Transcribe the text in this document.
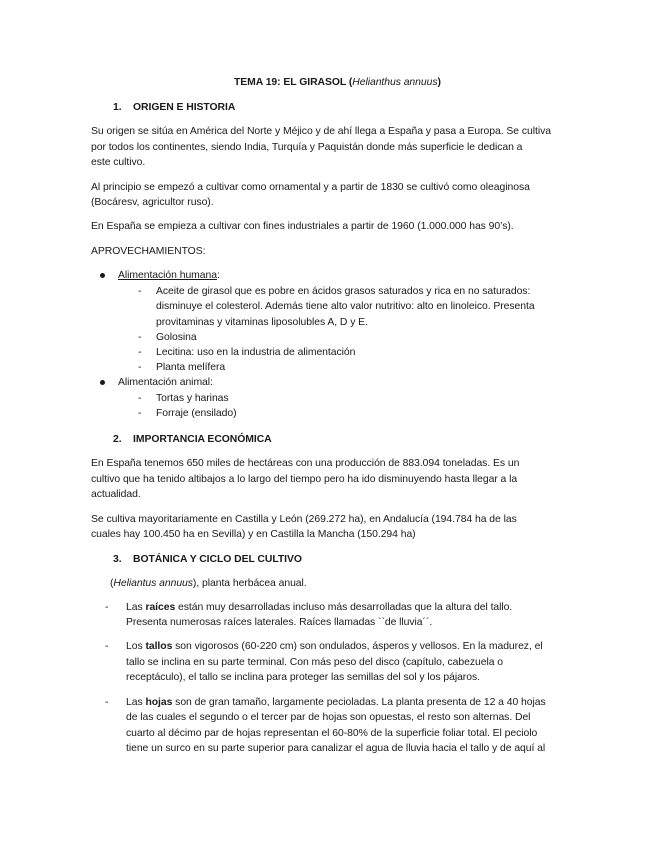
TEMA 19: EL GIRASOL (Helianthus annuus)
1. ORIGEN E HISTORIA
Su origen se sitúa en América del Norte y Méjico y de ahí llega a España y pasa a Europa. Se cultiva
por todos los continentes, siendo India, Turquía y Paquistán donde más superficie le dedican a
este cultivo.
Al principio se empezó a cultivar como ornamental y a partir de 1830 se cultivó como oleaginosa
(Bocáresv, agricultor ruso).
En España se empieza a cultivar con fines industriales a partir de 1960 (1.000.000 has 90’s).
APROVECHAMIENTOS:
Alimentación humana:
- Aceite de girasol que es pobre en ácidos grasos saturados y rica en no saturados:
disminuye el colesterol. Además tiene alto valor nutritivo: alto en linoleico. Presenta
provitaminas y vitaminas liposolubles A, D y E.
- Golosina
- Lecitina: uso en la industria de alimentación
- Planta melífera
Alimentación animal:
- Tortas y harinas
- Forraje (ensilado)
2. IMPORTANCIA ECONÓMICA
En España tenemos 650 miles de hectáreas con una producción de 883.094 toneladas. Es un
cultivo que ha tenido altibajos a lo largo del tiempo pero ha ido disminuyendo hasta llegar a la
actualidad.
Se cultiva mayoritariamente en Castilla y León (269.272 ha), en Andalucía (194.784 ha de las
cuales hay 100.450 ha en Sevilla) y en Castilla la Mancha (150.294 ha)
3. BOTÁNICA Y CICLO DEL CULTIVO
(Heliantus annuus), planta herbácea anual.
- Las raíces están muy desarrolladas incluso más desarrolladas que la altura del tallo.
Presenta numerosas raíces laterales. Raíces llamadas ``de lluvia´´.
- Los tallos son vigorosos (60-220 cm) son ondulados, ásperos y vellosos. En la madurez, el
tallo se inclina en su parte terminal. Con más peso del disco (capítulo, cabezuela o
receptáculo), el tallo se inclina para proteger las semillas del sol y los pájaros.
- Las hojas son de gran tamaño, largamente pecioladas. La planta presenta de 12 a 40 hojas
de las cuales el segundo o el tercer par de hojas son opuestas, el resto son alternas. Del
cuarto al décimo par de hojas representan el 60-80% de la superficie foliar total. El peciolo
tiene un surco en su parte superior para canalizar el agua de lluvia hacia el tallo y de aquí al
